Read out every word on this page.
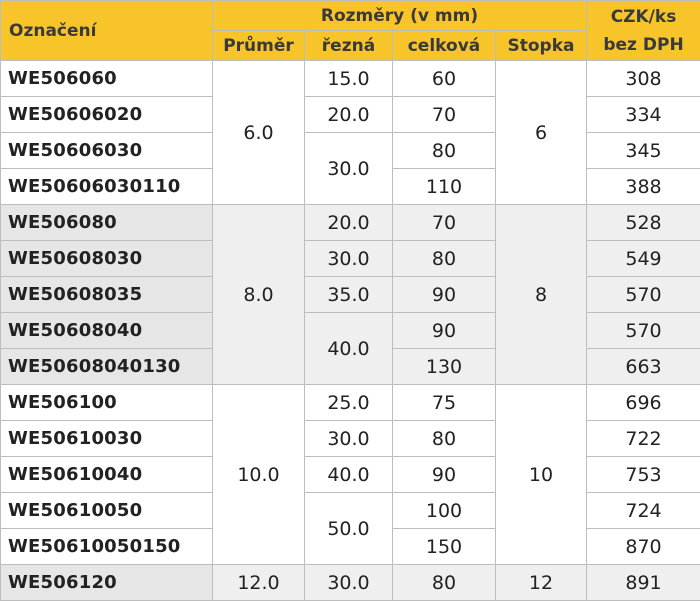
Označení	Rozměry (v mm)				CZK/ks
bez DPH
	Průměr	řezná	celková	Stopka	
WE506060	6.0	15.0	60	6	308
WE50606020		20.0	70		334
WE50606030		30.0	80		345
WE50606030110			110		388
WE506080	8.0	20.0	70	8	528
WE50608030		30.0	80		549
WE50608035		35.0	90		570
WE50608040		40.0	90		570
WE50608040130			130		663
WE506100	10.0	25.0	75	10	696
WE50610030		30.0	80		722
WE50610040		40.0	90		753
WE50610050		50.0	100		724
WE50610050150			150		870
WE506120	12.0	30.0	80	12	891
